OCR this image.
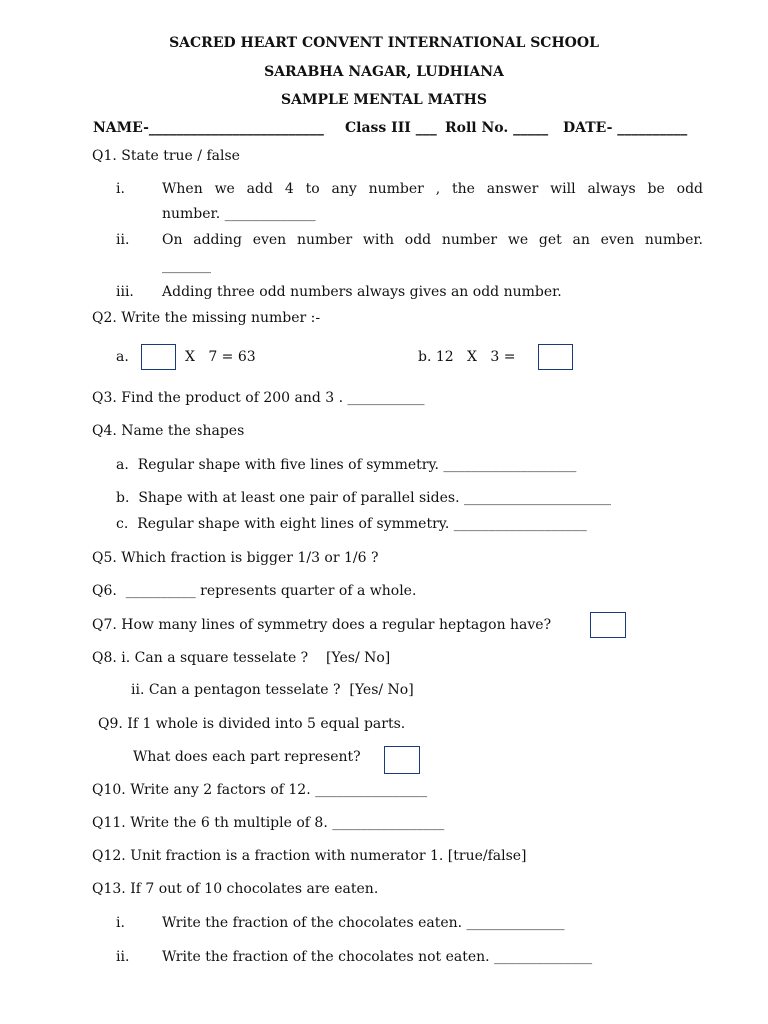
SACRED HEART CONVENT INTERNATIONAL SCHOOL
SARABHA NAGAR, LUDHIANA
SAMPLE MENTAL MATHS
NAME-_________________________ Class III ___ Roll No. _____ DATE- __________
Q1. State true / false
i.	When we add 4 to any number , the answer will always be odd
number. _____________
ii. On adding even number with odd number we get an even number.
_______
iii. Adding three odd numbers always gives an odd number.
Q2. Write the missing number :-
a.	X   7 = 63	b. 12   X   3 =
Q3. Find the product of 200 and 3 . ___________
Q4. Name the shapes
a.  Regular shape with five lines of symmetry. ___________________
b.  Shape with at least one pair of parallel sides. _____________________
c.  Regular shape with eight lines of symmetry. ___________________
Q5. Which fraction is bigger 1/3 or 1/6 ?
Q6.  __________ represents quarter of a whole.
Q7. How many lines of symmetry does a regular heptagon have?
Q8. i. Can a square tesselate ?    [Yes/ No]
ii. Can a pentagon tesselate ?  [Yes/ No]
Q9. If 1 whole is divided into 5 equal parts.
What does each part represent?
Q10. Write any 2 factors of 12. ________________
Q11. Write the 6 th multiple of 8. ________________
Q12. Unit fraction is a fraction with numerator 1. [true/false]
Q13. If 7 out of 10 chocolates are eaten.
i.	Write the fraction of the chocolates eaten. ______________
ii. Write the fraction of the chocolates not eaten. ______________
